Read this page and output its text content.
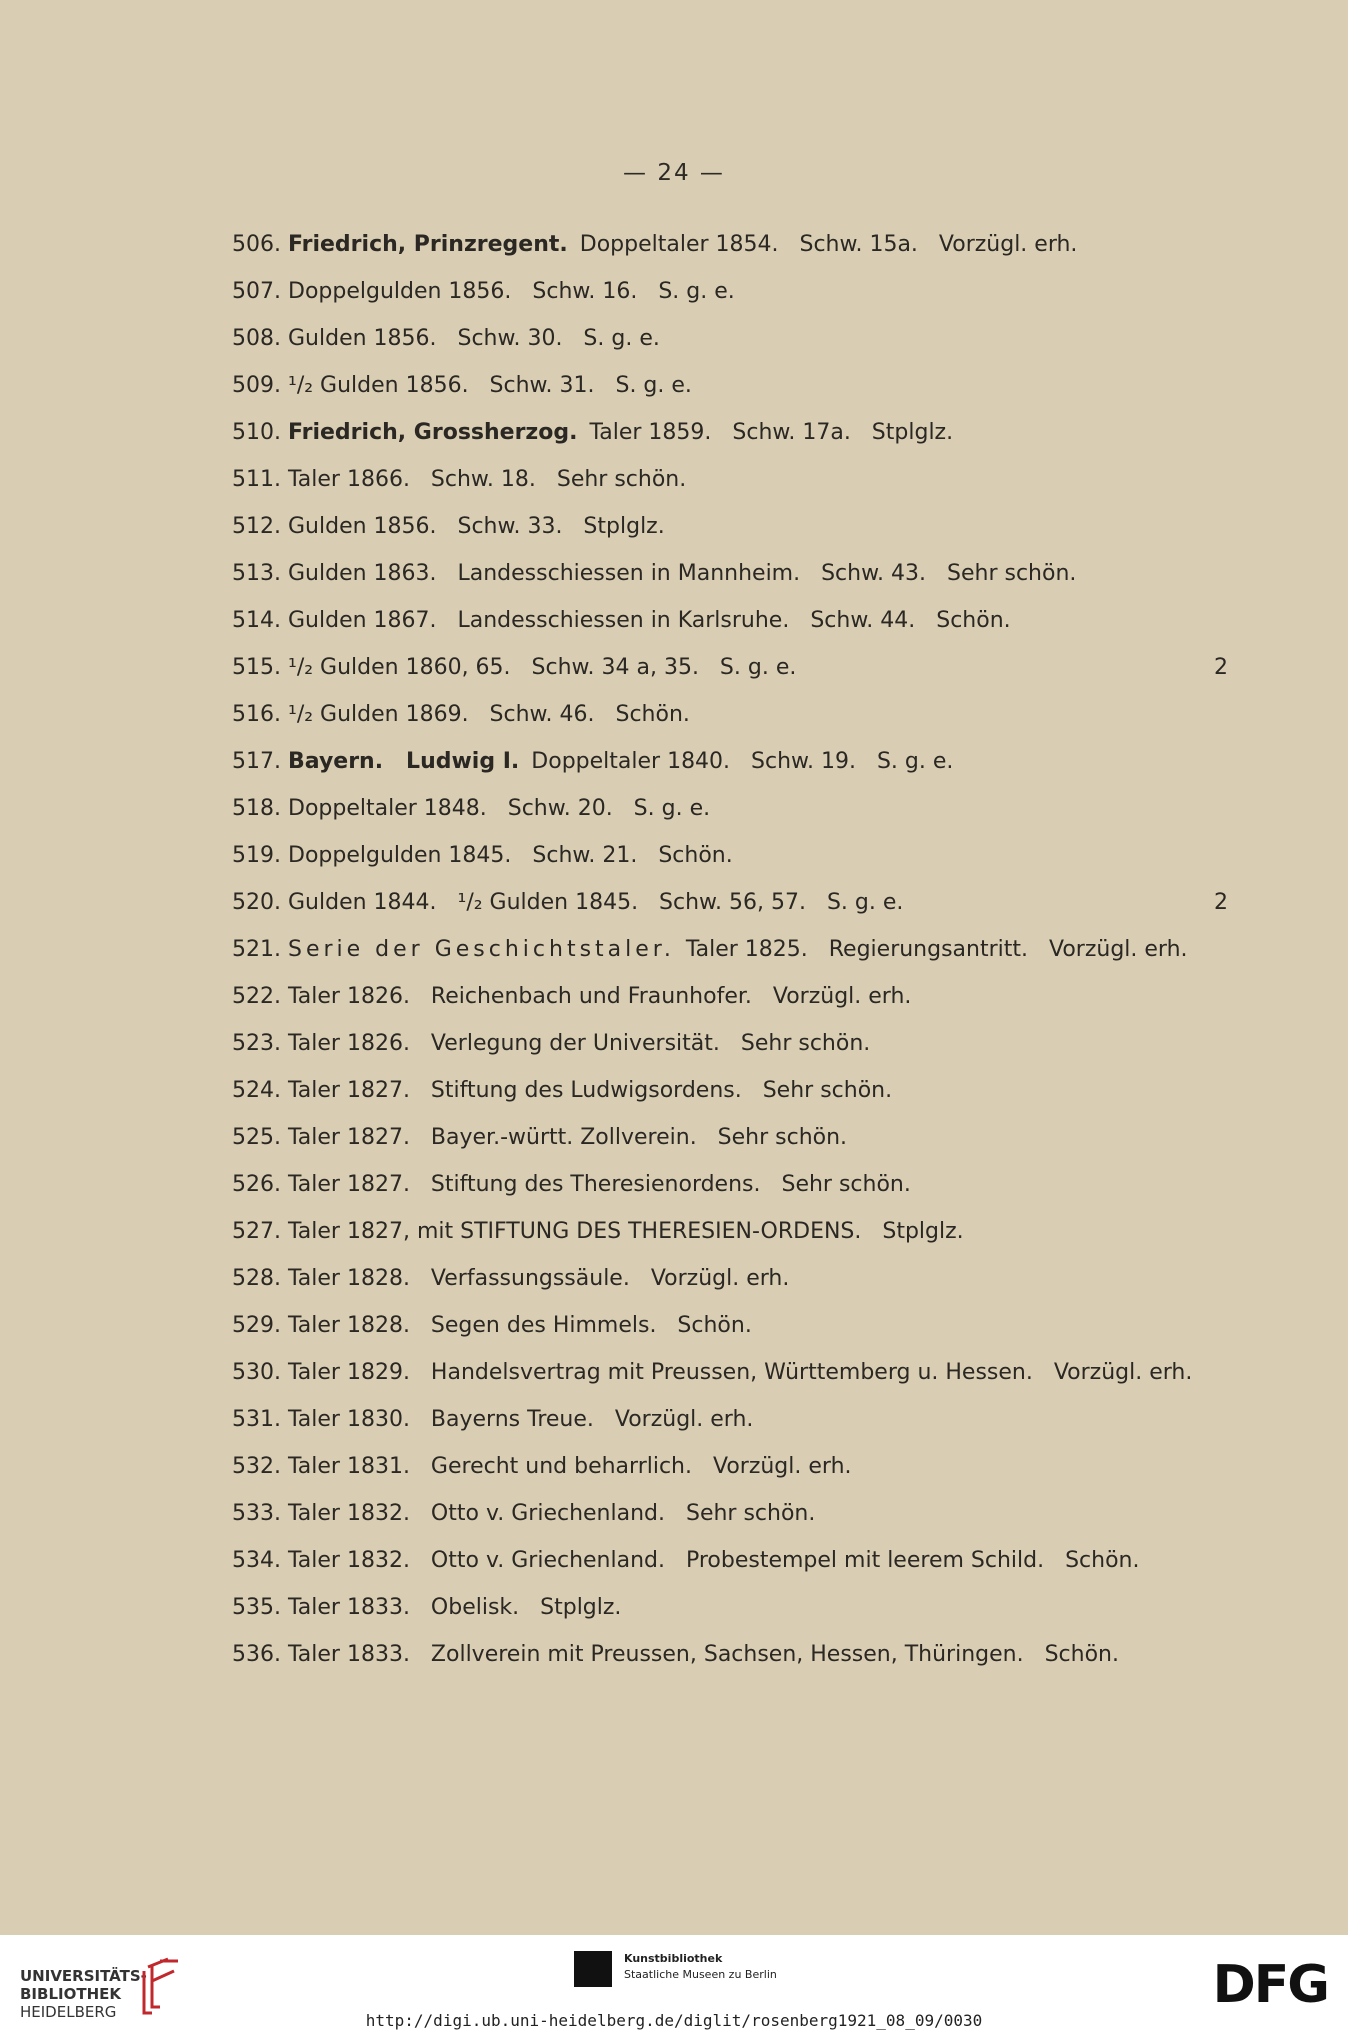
— 24 —
506. Friedrich, Prinzregent. Doppeltaler 1854.   Schw. 15a.   Vorzügl. erh.
507. Doppelgulden 1856.   Schw. 16.   S. g. e.
508. Gulden 1856.   Schw. 30.   S. g. e.
509. ¹/₂ Gulden 1856.   Schw. 31.   S. g. e.
510. Friedrich, Grossherzog. Taler 1859.   Schw. 17a.   Stplglz.
511. Taler 1866.   Schw. 18.   Sehr schön.
512. Gulden 1856.   Schw. 33.   Stplglz.
513. Gulden 1863.   Landesschiessen in Mannheim.   Schw. 43.   Sehr schön.
514. Gulden 1867.   Landesschiessen in Karlsruhe.   Schw. 44.   Schön.
515. ¹/₂ Gulden 1860, 65.   Schw. 34 a, 35.   S. g. e.	2
516. ¹/₂ Gulden 1869.   Schw. 46.   Schön.
517. Bayern.   Ludwig I. Doppeltaler 1840.   Schw. 19.   S. g. e.
518. Doppeltaler 1848.   Schw. 20.   S. g. e.
519. Doppelgulden 1845.   Schw. 21.   Schön.
520. Gulden 1844.   ¹/₂ Gulden 1845.   Schw. 56, 57.   S. g. e.	2
521. Serie der Geschichtstaler. Taler 1825.   Regierungsantritt.   Vorzügl. erh.
522. Taler 1826.   Reichenbach und Fraunhofer.   Vorzügl. erh.
523. Taler 1826.   Verlegung der Universität.   Sehr schön.
524. Taler 1827.   Stiftung des Ludwigsordens.   Sehr schön.
525. Taler 1827.   Bayer.-württ. Zollverein.   Sehr schön.
526. Taler 1827.   Stiftung des Theresienordens.   Sehr schön.
527. Taler 1827, mit STIFTUNG DES THERESIEN-ORDENS.   Stplglz.
528. Taler 1828.   Verfassungssäule.   Vorzügl. erh.
529. Taler 1828.   Segen des Himmels.   Schön.
530. Taler 1829.   Handelsvertrag mit Preussen, Württemberg u. Hessen.   Vorzügl. erh.
531. Taler 1830.   Bayerns Treue.   Vorzügl. erh.
532. Taler 1831.   Gerecht und beharrlich.   Vorzügl. erh.
533. Taler 1832.   Otto v. Griechenland.   Sehr schön.
534. Taler 1832.   Otto v. Griechenland.   Probestempel mit leerem Schild.   Schön.
535. Taler 1833.   Obelisk.   Stplglz.
536. Taler 1833.   Zollverein mit Preussen, Sachsen, Hessen, Thüringen.   Schön.
UNIVERSITÄTS-
BIBLIOTHEK
HEIDELBERG
Kunstbibliothek
Staatliche Museen zu Berlin	DFG
http://digi.ub.uni-heidelberg.de/diglit/rosenberg1921_08_09/0030
